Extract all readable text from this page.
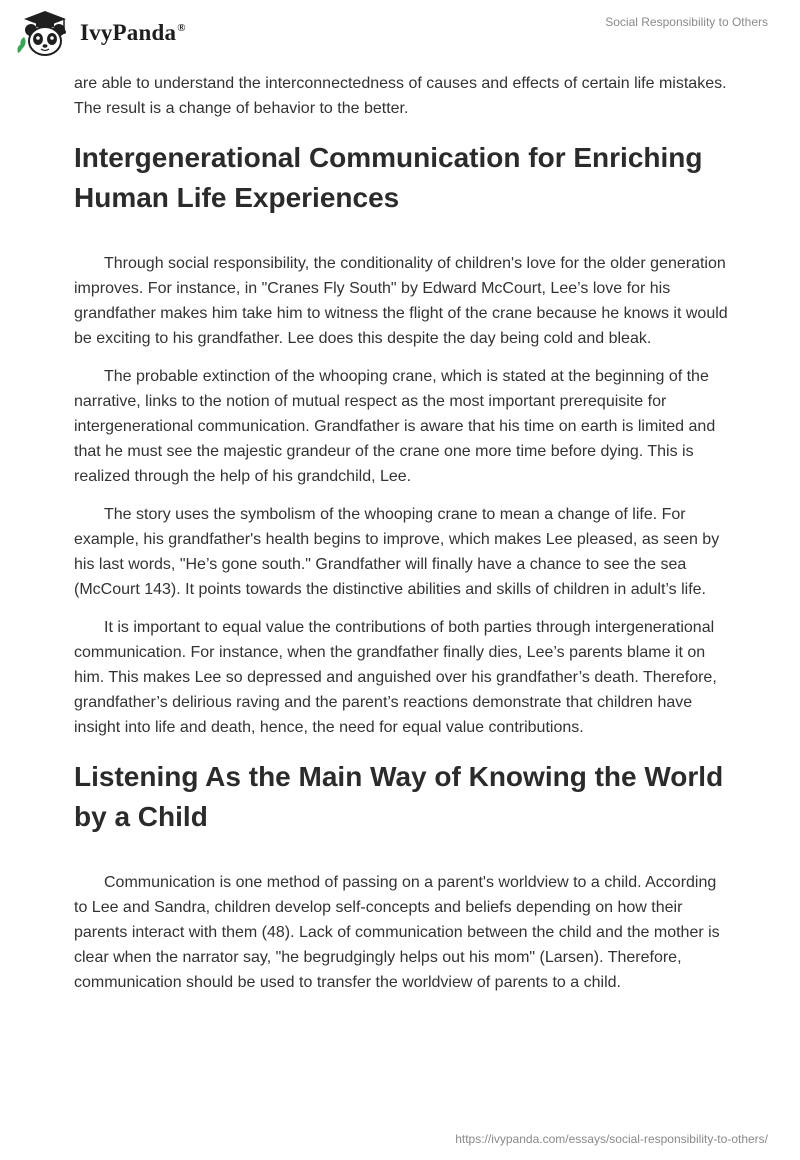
IvyPanda®	Social Responsibility to Others

are able to understand the interconnectedness of causes and effects of certain life mistakes. The result is a change of behavior to the better.

Intergenerational Communication for Enriching Human Life Experiences

Through social responsibility, the conditionality of children's love for the older generation improves. For instance, in "Cranes Fly South" by Edward McCourt, Lee’s love for his grandfather makes him take him to witness the flight of the crane because he knows it would be exciting to his grandfather. Lee does this despite the day being cold and bleak.

The probable extinction of the whooping crane, which is stated at the beginning of the narrative, links to the notion of mutual respect as the most important prerequisite for intergenerational communication. Grandfather is aware that his time on earth is limited and that he must see the majestic grandeur of the crane one more time before dying. This is realized through the help of his grandchild, Lee.

The story uses the symbolism of the whooping crane to mean a change of life. For example, his grandfather's health begins to improve, which makes Lee pleased, as seen by his last words, "He’s gone south." Grandfather will finally have a chance to see the sea (McCourt 143). It points towards the distinctive abilities and skills of children in adult’s life.

It is important to equal value the contributions of both parties through intergenerational communication. For instance, when the grandfather finally dies, Lee’s parents blame it on him. This makes Lee so depressed and anguished over his grandfather’s death. Therefore, grandfather’s delirious raving and the parent’s reactions demonstrate that children have insight into life and death, hence, the need for equal value contributions.

Listening As the Main Way of Knowing the World by a Child

Communication is one method of passing on a parent's worldview to a child. According to Lee and Sandra, children develop self-concepts and beliefs depending on how their parents interact with them (48). Lack of communication between the child and the mother is clear when the narrator say, "he begrudgingly helps out his mom" (Larsen). Therefore, communication should be used to transfer the worldview of parents to a child.

https://ivypanda.com/essays/social-responsibility-to-others/
